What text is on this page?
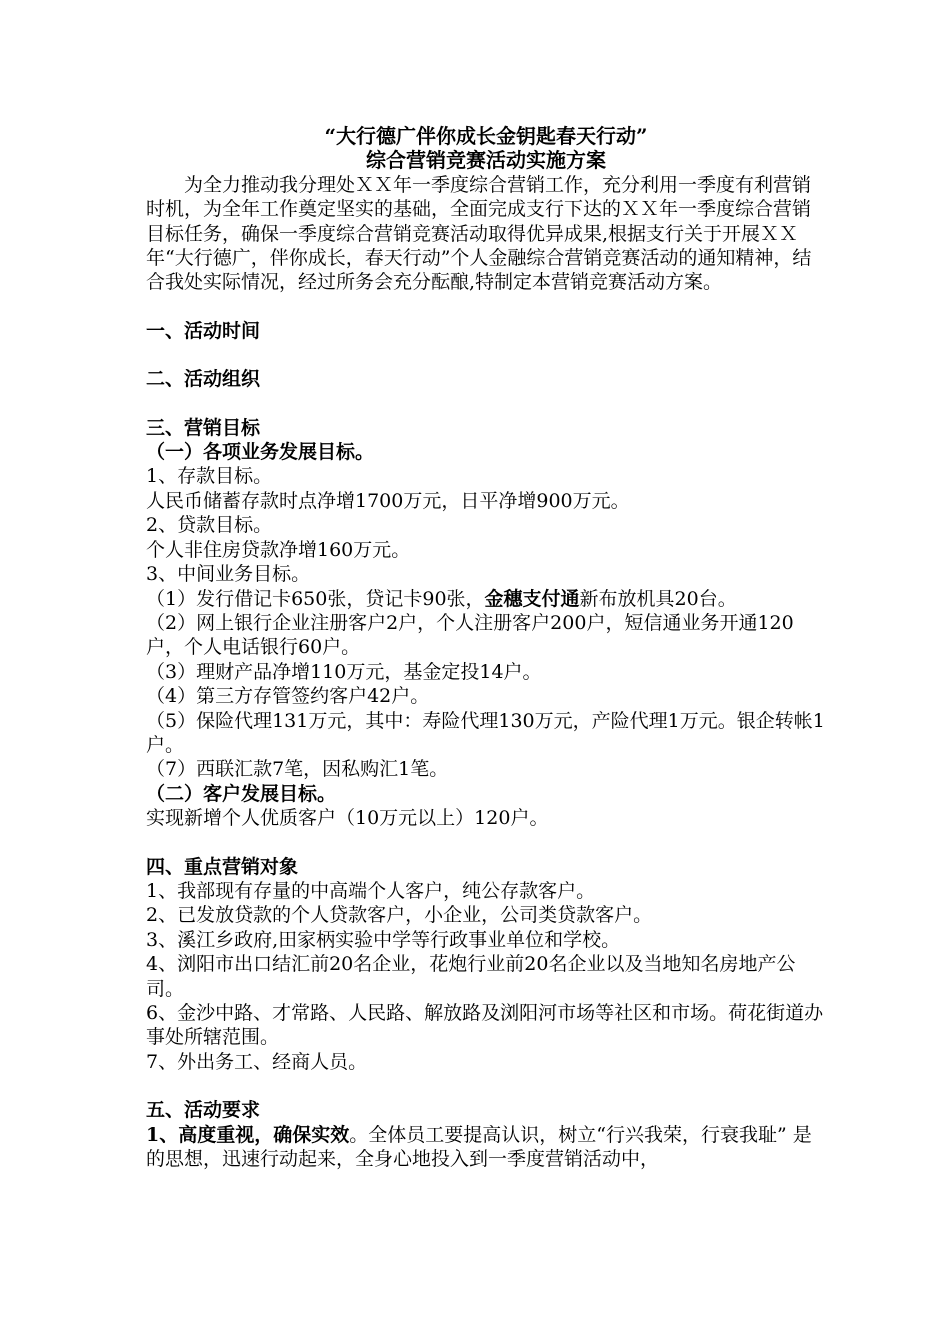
“大行德广伴你成长金钥匙春天行动”
综合营销竞赛活动实施方案

为全力推动我分理处ＸＸ年一季度综合营销工作，充分利用一季度有利营销时机，为全年工作奠定坚实的基础，全面完成支行下达的ＸＸ年一季度综合营销目标任务，确保一季度综合营销竞赛活动取得优异成果,根据支行关于开展ＸＸ年“大行德广，伴你成长，春天行动”个人金融综合营销竞赛活动的通知精神，结合我处实际情况，经过所务会充分酝酿,特制定本营销竞赛活动方案。

一、活动时间

二、活动组织

三、营销目标

（一）各项业务发展目标。

1、存款目标。

人民币储蓄存款时点净增1700万元，日平净增900万元。

2、贷款目标。

个人非住房贷款净增160万元。

3、中间业务目标。

（1）发行借记卡650张，贷记卡90张，金穗支付通新布放机具20台。

（2）网上银行企业注册客户2户，个人注册客户200户，短信通业务开通120户，个人电话银行60户。

（3）理财产品净增110万元，基金定投14户。

（4）第三方存管签约客户42户。

（5）保险代理131万元，其中：寿险代理130万元，产险代理1万元。银企转帐1户。

（7）西联汇款7笔，因私购汇1笔。

（二）客户发展目标。

实现新增个人优质客户（10万元以上）120户。

四、重点营销对象

1、我部现有存量的中高端个人客户，纯公存款客户。

2、已发放贷款的个人贷款客户，小企业，公司类贷款客户。

3、溪江乡政府,田家柄实验中学等行政事业单位和学校。

4、浏阳市出口结汇前20名企业，花炮行业前20名企业以及当地知名房地产公司。

6、金沙中路、才常路、人民路、解放路及浏阳河市场等社区和市场。荷花街道办事处所辖范围。

7、外出务工、经商人员。

五、活动要求

1、高度重视，确保实效。全体员工要提高认识，树立“行兴我荣，行衰我耻” 是的思想，迅速行动起来，全身心地投入到一季度营销活动中，
